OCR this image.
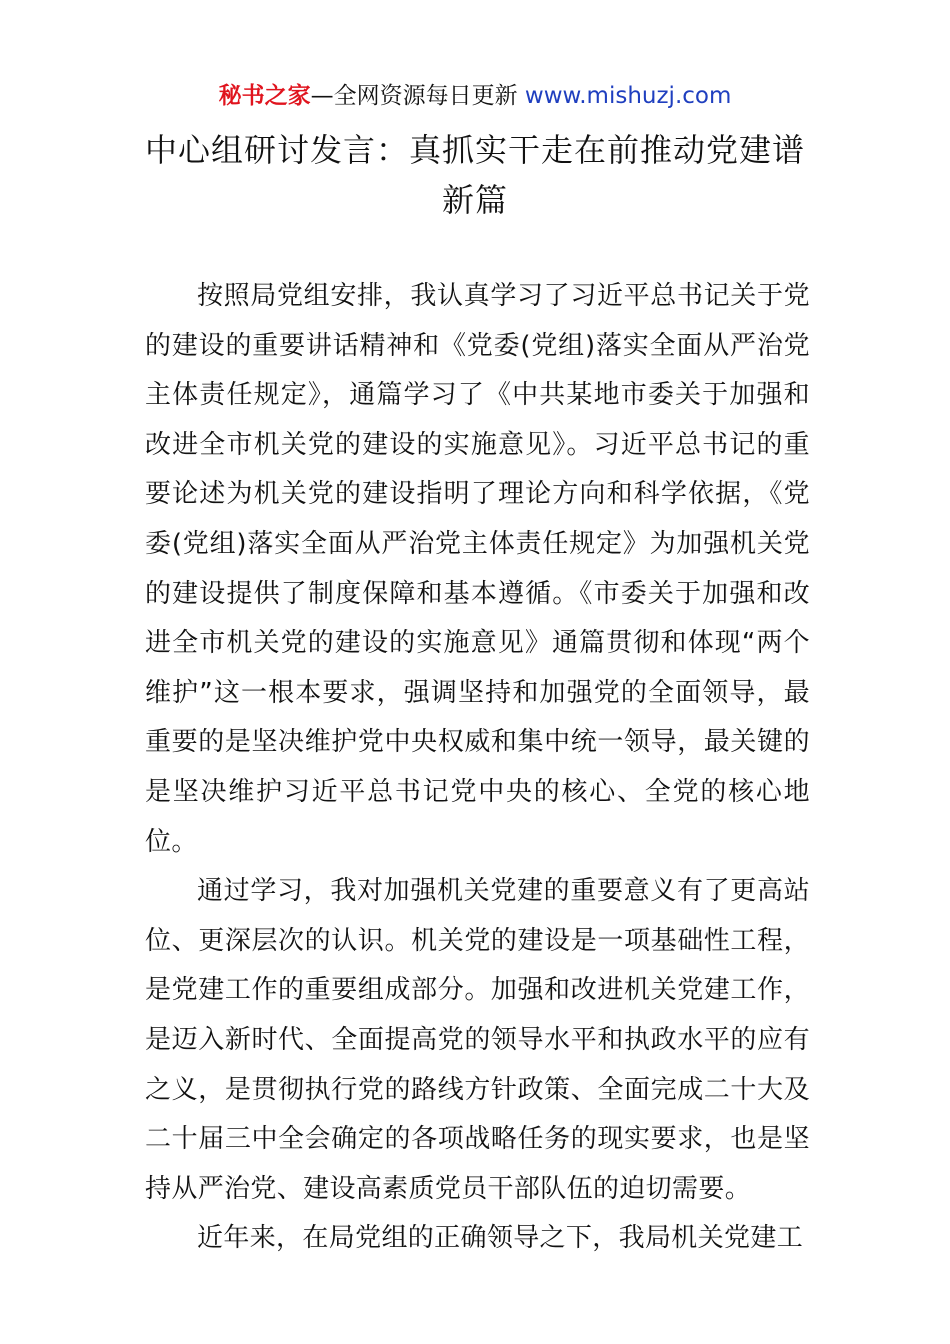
秘书之家—全网资源每日更新 www.mishuzj.com
中心组研讨发言：真抓实干走在前推动党建谱
新篇

按照局党组安排，我认真学习了习近平总书记关于党的建设的重要讲话精神和《党委(党组)落实全面从严治党主体责任规定》，通篇学习了《中共某地市委关于加强和改进全市机关党的建设的实施意见》。习近平总书记的重要论述为机关党的建设指明了理论方向和科学依据，《党委(党组)落实全面从严治党主体责任规定》为加强机关党的建设提供了制度保障和基本遵循。《市委关于加强和改进全市机关党的建设的实施意见》通篇贯彻和体现“两个维护”这一根本要求，强调坚持和加强党的全面领导，最重要的是坚决维护党中央权威和集中统一领导，最关键的是坚决维护习近平总书记党中央的核心、全党的核心地位。

通过学习，我对加强机关党建的重要意义有了更高站位、更深层次的认识。机关党的建设是一项基础性工程，是党建工作的重要组成部分。加强和改进机关党建工作，是迈入新时代、全面提高党的领导水平和执政水平的应有之义，是贯彻执行党的路线方针政策、全面完成二十大及二十届三中全会确定的各项战略任务的现实要求，也是坚持从严治党、建设高素质党员干部队伍的迫切需要。

近年来，在局党组的正确领导之下，我局机关党建工
